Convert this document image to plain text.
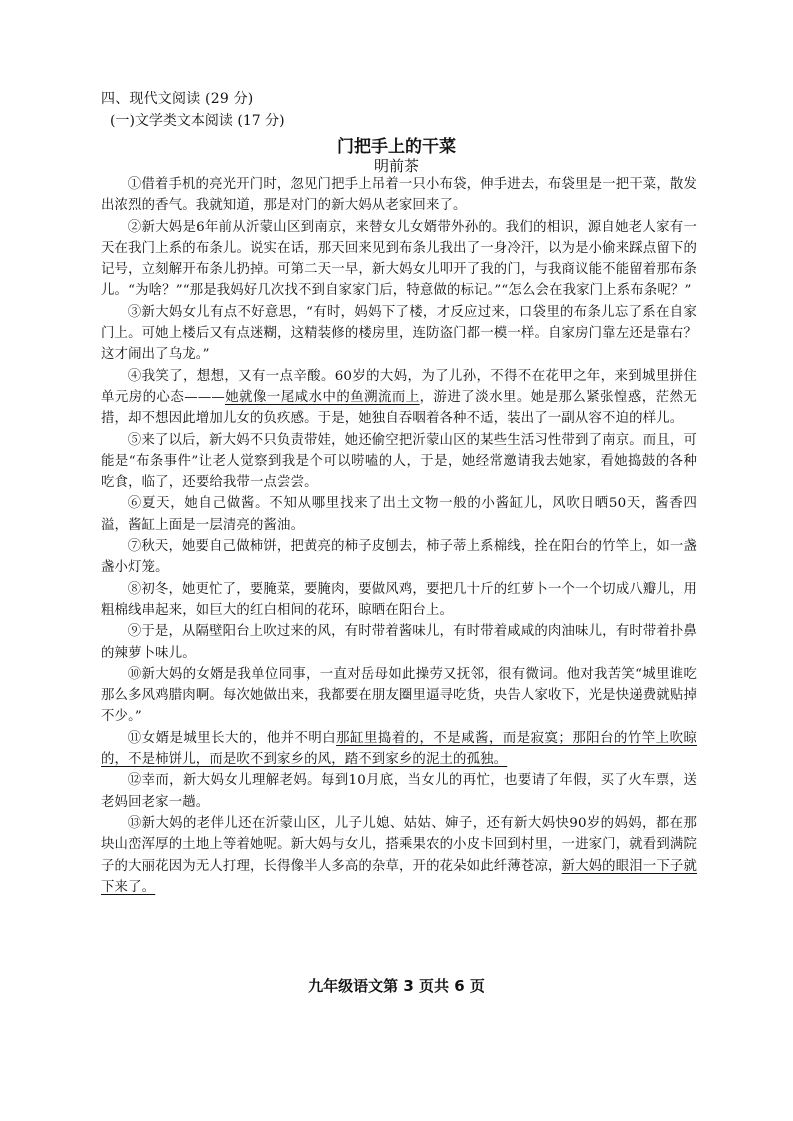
四、现代文阅读 (29 分)
(一)文学类文本阅读 (17 分)
门把手上的干菜
明前茶

①借着手机的亮光开门时，忽见门把手上吊着一只小布袋，伸手进去，布袋里是一把干菜，散发出浓烈的香气。我就知道，那是对门的新大妈从老家回来了。

②新大妈是6年前从沂蒙山区到南京，来替女儿女婿带外孙的。我们的相识，源自她老人家有一天在我门上系的布条儿。说实在话，那天回来见到布条儿我出了一身冷汗，以为是小偷来踩点留下的记号，立刻解开布条儿扔掉。可第二天一早，新大妈女儿叩开了我的门，与我商议能不能留着那布条儿。“为啥？”“那是我妈好几次找不到自家家门后，特意做的标记。”“怎么会在我家门上系布条呢？”

③新大妈女儿有点不好意思，“有时，妈妈下了楼，才反应过来，口袋里的布条儿忘了系在自家门上。可她上楼后又有点迷糊，这精装修的楼房里，连防盗门都一模一样。自家房门靠左还是靠右？这才闹出了乌龙。”

④我笑了，想想，又有一点辛酸。60岁的大妈，为了儿孙，不得不在花甲之年，来到城里拼住单元房的心态———她就像一尾咸水中的鱼溯流而上，游进了淡水里。她是那么紧张惶惑，茫然无措，却不想因此增加儿女的负疚感。于是，她独自吞咽着各种不适，装出了一副从容不迫的样儿。

⑤来了以后，新大妈不只负责带娃，她还偷空把沂蒙山区的某些生活习性带到了南京。而且，可能是“布条事件”让老人觉察到我是个可以唠嗑的人，于是，她经常邀请我去她家，看她捣鼓的各种吃食，临了，还要给我带一点尝尝。

⑥夏天，她自己做酱。不知从哪里找来了出土文物一般的小酱缸儿，风吹日晒50天，酱香四溢，酱缸上面是一层清亮的酱油。

⑦秋天，她要自己做柿饼，把黄亮的柿子皮刨去，柿子蒂上系棉线，拴在阳台的竹竿上，如一盏盏小灯笼。

⑧初冬，她更忙了，要腌菜，要腌肉，要做风鸡，要把几十斤的红萝卜一个一个切成八瓣儿，用粗棉线串起来，如巨大的红白相间的花环，晾晒在阳台上。

⑨于是，从隔壁阳台上吹过来的风，有时带着酱味儿，有时带着咸咸的肉油味儿，有时带着扑鼻的辣萝卜味儿。

⑩新大妈的女婿是我单位同事，一直对岳母如此操劳又抚邻，很有微词。他对我苦笑“城里谁吃那么多风鸡腊肉啊。每次她做出来，我都要在朋友圈里逼寻吃货，央告人家收下，光是快递费就贴掉不少。”

⑪女婿是城里长大的，他并不明白那缸里捣着的，不是咸酱，而是寂寞；那阳台的竹竿上吹晾的，不是柿饼儿，而是吹不到家乡的风，踏不到家乡的泥土的孤独。

⑫幸而，新大妈女儿理解老妈。每到10月底，当女儿的再忙，也要请了年假，买了火车票，送老妈回老家一趟。

⑬新大妈的老伴儿还在沂蒙山区，儿子儿媳、姑姑、婶子，还有新大妈快90岁的妈妈，都在那块山峦浑厚的土地上等着她呢。新大妈与女儿，搭乘果农的小皮卡回到村里，一进家门，就看到满院子的大丽花因为无人打理，长得像半人多高的杂草，开的花朵如此纤薄苍凉，新大妈的眼泪一下子就下来了。

九年级语文第 3 页共 6 页
